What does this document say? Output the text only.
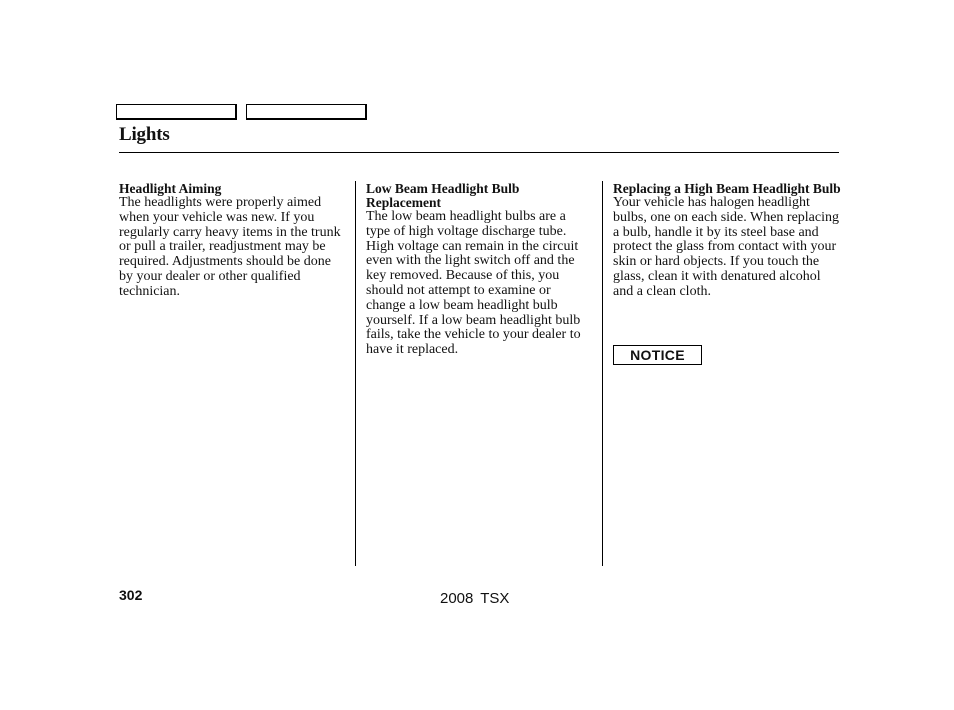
Lights
Headlight Aiming

The headlights were properly aimed when your vehicle was new. If you regularly carry heavy items in the trunk or pull a trailer, readjustment may be required. Adjustments should be done by your dealer or other qualified technician.

Low Beam Headlight Bulb Replacement

The low beam headlight bulbs are a type of high voltage discharge tube. High voltage can remain in the circuit even with the light switch off and the key removed. Because of this, you should not attempt to examine or change a low beam headlight bulb yourself. If a low beam headlight bulb fails, take the vehicle to your dealer to have it replaced.

Replacing a High Beam Headlight Bulb

Your vehicle has halogen headlight bulbs, one on each side. When replacing a bulb, handle it by its steel base and protect the glass from contact with your skin or hard objects. If you touch the glass, clean it with denatured alcohol and a clean cloth.

NOTICE
302	2008 TSX
